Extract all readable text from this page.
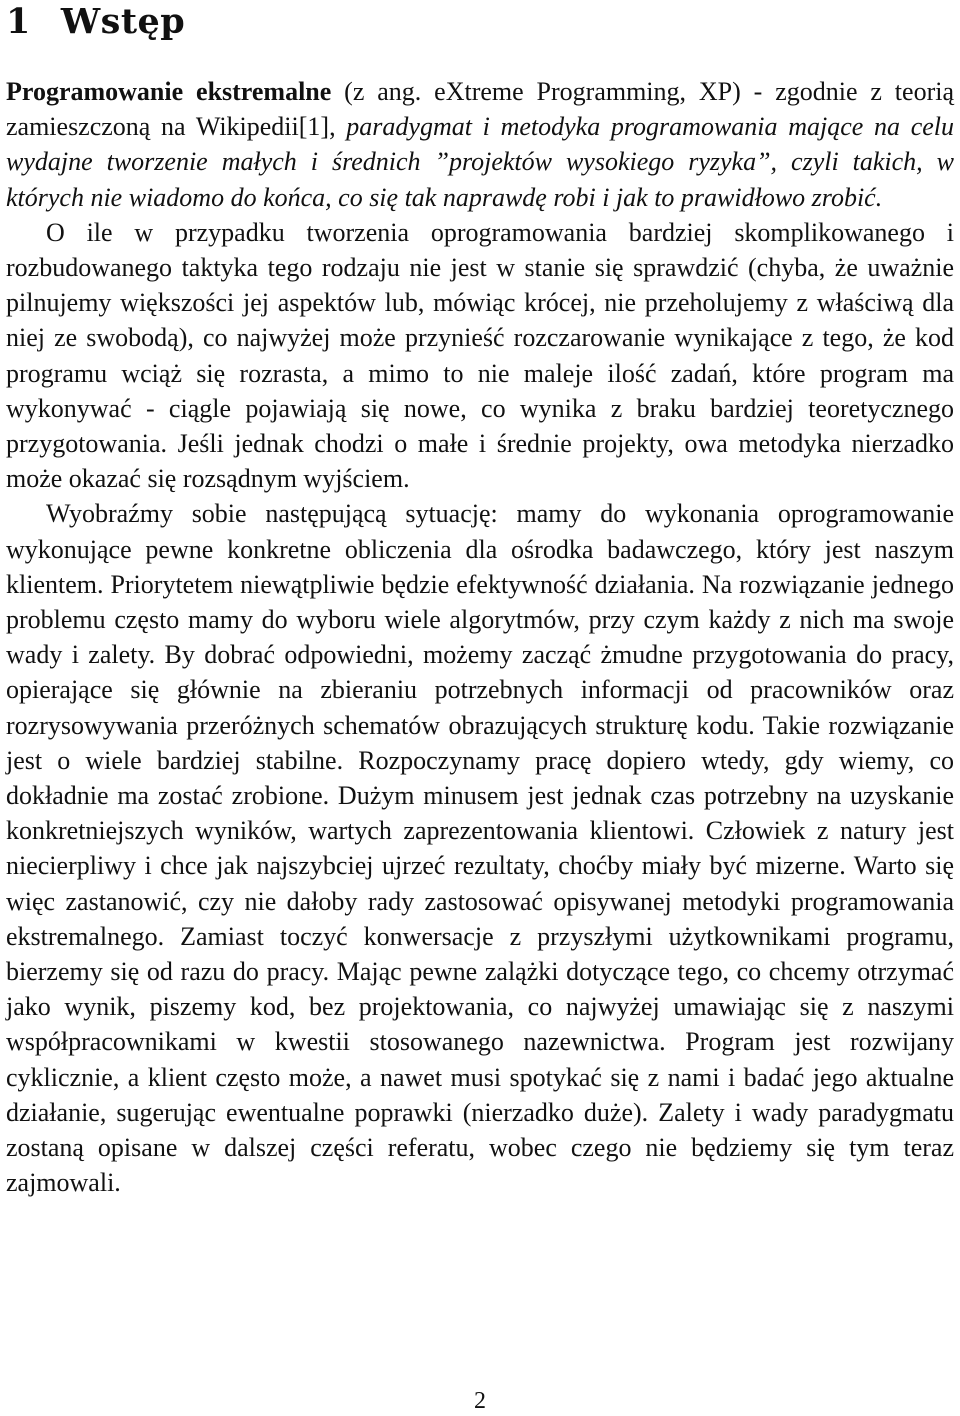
1 Wstęp

Programowanie ekstremalne (z ang. eXtreme Programming, XP) - zgodnie z teorią zamieszczoną na Wikipedii[1], paradygmat i metodyka programowania mające na celu wydajne tworzenie małych i średnich ”projektów wysokiego ryzyka”, czyli takich, w których nie wiadomo do końca, co się tak naprawdę robi i jak to prawidłowo zrobić.

O ile w przypadku tworzenia oprogramowania bardziej skomplikowanego i rozbudowanego taktyka tego rodzaju nie jest w stanie się sprawdzić (chyba, że uważnie pilnujemy większości jej aspektów lub, mówiąc krócej, nie przeholujemy z właściwą dla niej ze swobodą), co najwyżej może przynieść rozczarowanie wynikające z tego, że kod programu wciąż się rozrasta, a mimo to nie maleje ilość zadań, które program ma wykonywać - ciągle pojawiają się nowe, co wynika z braku bardziej teoretycznego przygotowania. Jeśli jednak chodzi o małe i średnie projekty, owa metodyka nierzadko może okazać się rozsądnym wyjściem.

Wyobraźmy sobie następującą sytuację: mamy do wykonania oprogramowanie wykonujące pewne konkretne obliczenia dla ośrodka badawczego, który jest naszym klientem. Priorytetem niewątpliwie będzie efektywność działania. Na rozwiązanie jednego problemu często mamy do wyboru wiele algorytmów, przy czym każdy z nich ma swoje wady i zalety. By dobrać odpowiedni, możemy zacząć żmudne przygotowania do pracy, opierające się głównie na zbieraniu potrzebnych informacji od pracowników oraz rozrysowywania przeróżnych schematów obrazujących strukturę kodu. Takie rozwiązanie jest o wiele bardziej stabilne. Rozpoczynamy pracę dopiero wtedy, gdy wiemy, co dokładnie ma zostać zrobione. Dużym minusem jest jednak czas potrzebny na uzyskanie konkretniejszych wyników, wartych zaprezentowania klientowi. Człowiek z natury jest niecierpliwy i chce jak najszybciej ujrzeć rezultaty, choćby miały być mizerne. Warto się więc zastanowić, czy nie dałoby rady zastosować opisywanej metodyki programowania ekstremalnego. Zamiast toczyć konwersacje z przyszłymi użytkownikami programu, bierzemy się od razu do pracy. Mając pewne zalążki dotyczące tego, co chcemy otrzymać jako wynik, piszemy kod, bez projektowania, co najwyżej umawiając się z naszymi współpracownikami w kwestii stosowanego nazewnictwa. Program jest rozwijany cyklicznie, a klient często może, a nawet musi spotykać się z nami i badać jego aktualne działanie, sugerując ewentualne poprawki (nierzadko duże). Zalety i wady paradygmatu zostaną opisane w dalszej części referatu, wobec czego nie będziemy się tym teraz zajmowali.

2
